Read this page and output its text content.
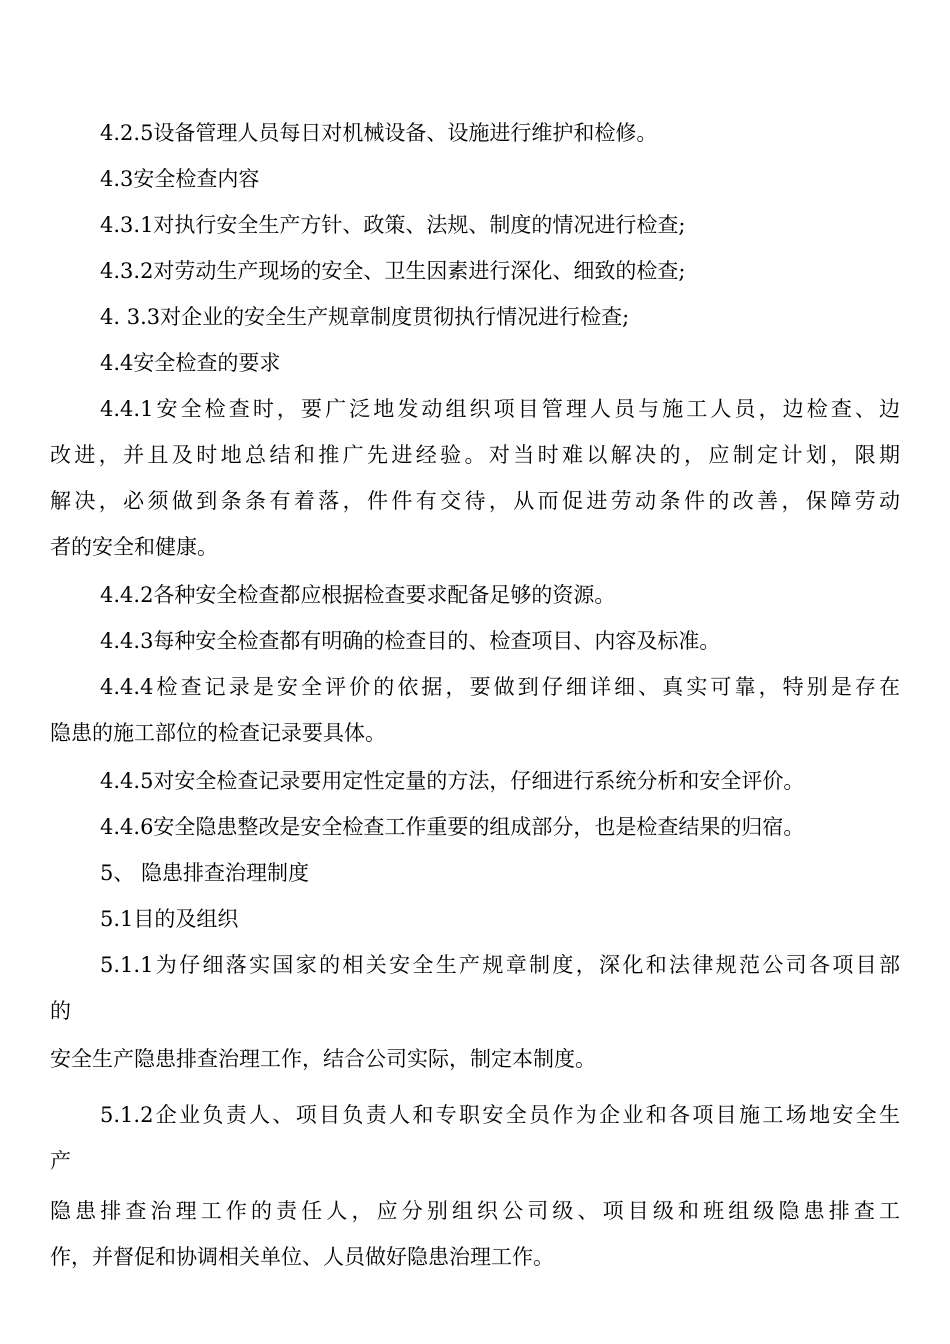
4.2.5设备管理人员每日对机械设备、设施进行维护和检修。
4.3安全检查内容
4.3.1对执行安全生产方针、政策、法规、制度的情况进行检查;
4.3.2对劳动生产现场的安全、卫生因素进行深化、细致的检查;
4. 3.3对企业的安全生产规章制度贯彻执行情况进行检查;
4.4安全检查的要求
4.4.1安全检查时，要广泛地发动组织项目管理人员与施工人员，边检查、边
改进，并且及时地总结和推广先进经验。对当时难以解决的，应制定计划，限期
解决，必须做到条条有着落，件件有交待，从而促进劳动条件的改善，保障劳动
者的安全和健康。
4.4.2各种安全检查都应根据检查要求配备足够的资源。
4.4.3每种安全检查都有明确的检查目的、检查项目、内容及标准。
4.4.4检查记录是安全评价的依据，要做到仔细详细、真实可靠，特别是存在
隐患的施工部位的检查记录要具体。
4.4.5对安全检查记录要用定性定量的方法，仔细进行系统分析和安全评价。
4.4.6安全隐患整改是安全检查工作重要的组成部分，也是检查结果的归宿。
5、 隐患排查治理制度
5.1目的及组织
5.1.1为仔细落实国家的相关安全生产规章制度，深化和法律规范公司各项目部
的
安全生产隐患排查治理工作，结合公司实际，制定本制度。
5.1.2企业负责人、项目负责人和专职安全员作为企业和各项目施工场地安全生
产
隐患排查治理工作的责任人，应分别组织公司级、项目级和班组级隐患排查工
作，并督促和协调相关单位、人员做好隐患治理工作。
